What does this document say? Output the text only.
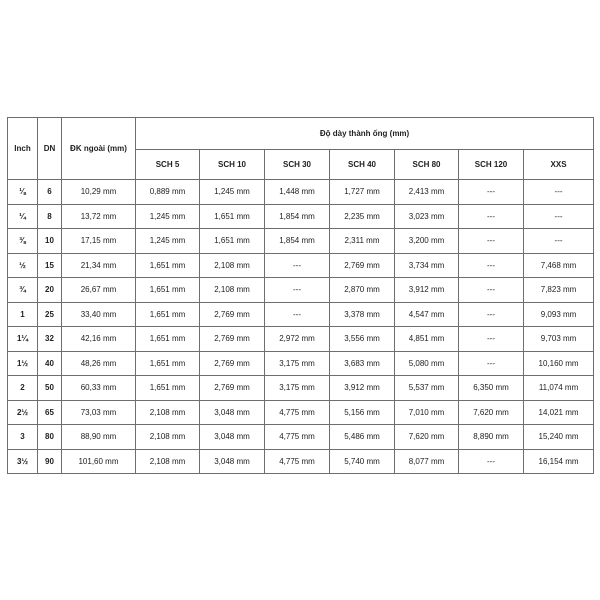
Inch	DN	ĐK ngoài (mm)	Độ dày thành ống (mm)						
			SCH 5	SCH 10	SCH 30	SCH 40	SCH 80	SCH 120	XXS
⅛	6	10,29 mm	0,889 mm	1,245 mm	1,448 mm	1,727 mm	2,413 mm	---	---
¼	8	13,72 mm	1,245 mm	1,651 mm	1,854 mm	2,235 mm	3,023 mm	---	---
⅜	10	17,15 mm	1,245 mm	1,651 mm	1,854 mm	2,311 mm	3,200 mm	---	---
½	15	21,34 mm	1,651 mm	2,108 mm	---	2,769 mm	3,734 mm	---	7,468 mm
¾	20	26,67 mm	1,651 mm	2,108 mm	---	2,870 mm	3,912 mm	---	7,823 mm
1	25	33,40 mm	1,651 mm	2,769 mm	---	3,378 mm	4,547 mm	---	9,093 mm
1¼	32	42,16 mm	1,651 mm	2,769 mm	2,972 mm	3,556 mm	4,851 mm	---	9,703 mm
1½	40	48,26 mm	1,651 mm	2,769 mm	3,175 mm	3,683 mm	5,080 mm	---	10,160 mm
2	50	60,33 mm	1,651 mm	2,769 mm	3,175 mm	3,912 mm	5,537 mm	6,350 mm	11,074 mm
2½	65	73,03 mm	2,108 mm	3,048 mm	4,775 mm	5,156 mm	7,010 mm	7,620 mm	14,021 mm
3	80	88,90 mm	2,108 mm	3,048 mm	4,775 mm	5,486 mm	7,620 mm	8,890 mm	15,240 mm
3½	90	101,60 mm	2,108 mm	3,048 mm	4,775 mm	5,740 mm	8,077 mm	---	16,154 mm
